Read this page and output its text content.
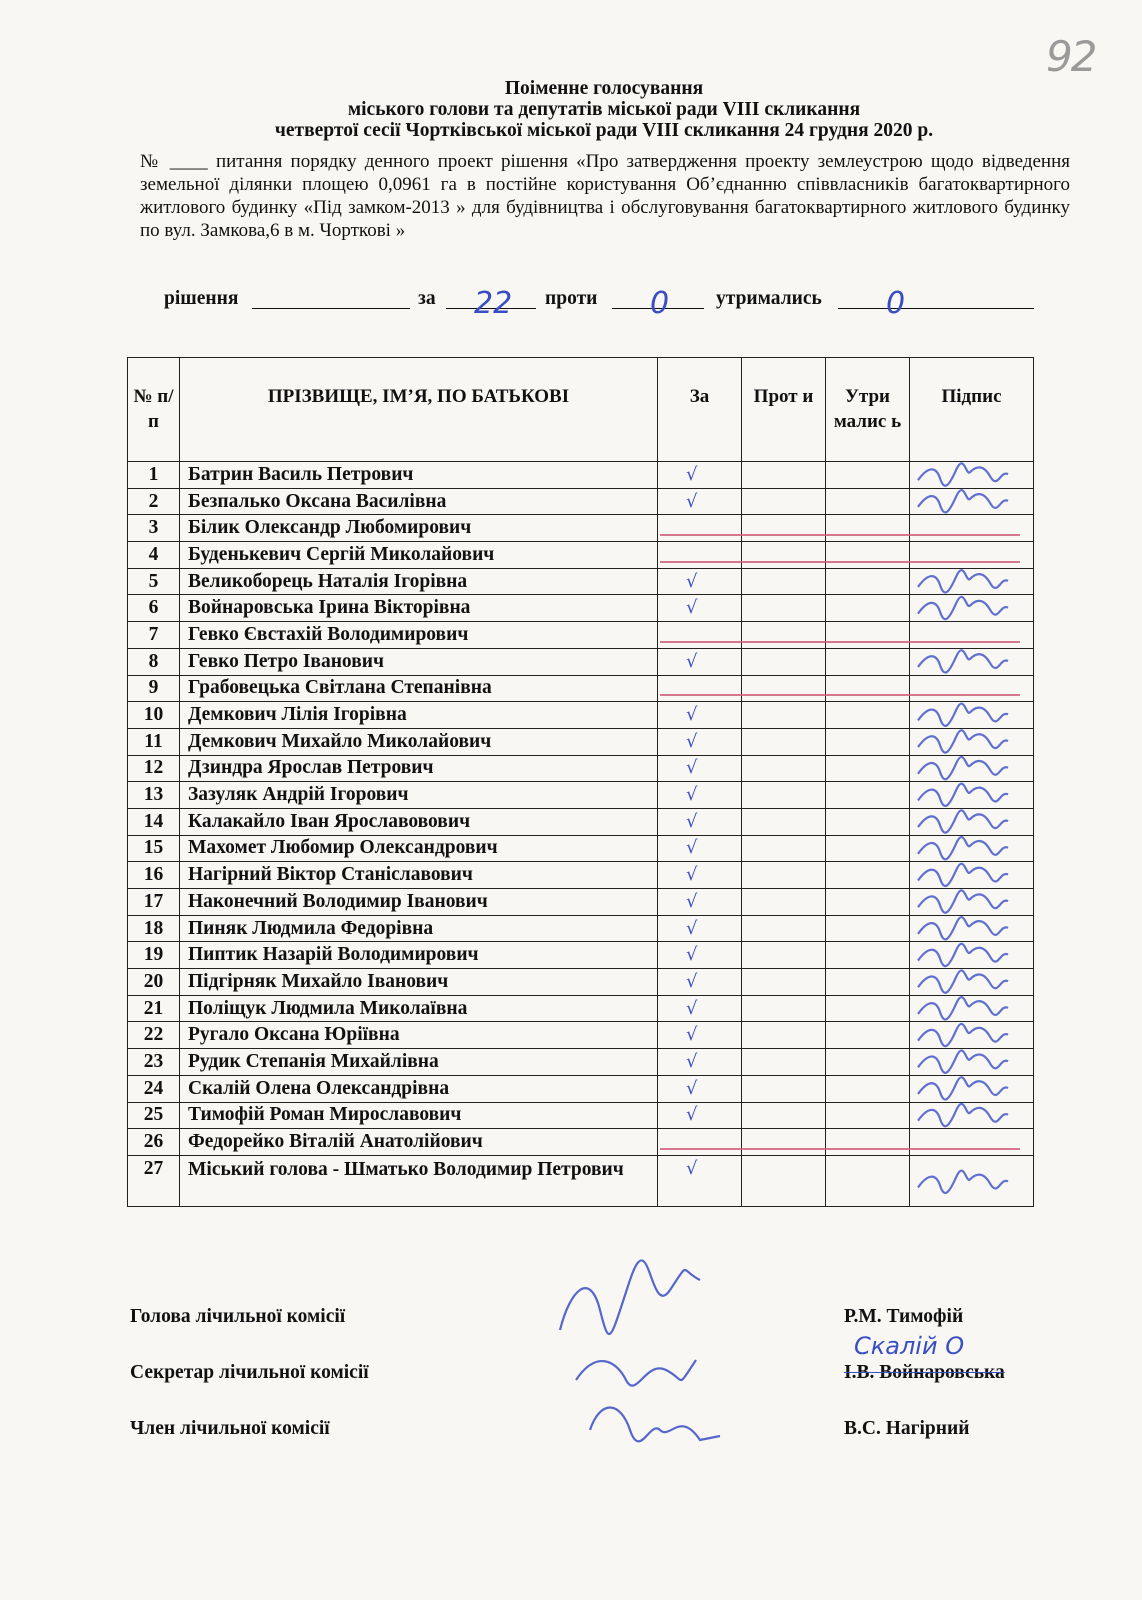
92

Поіменне голосування

міського голови та депутатів міської ради VIII скликання

четвертої сесії Чортківської міської ради VIII скликання 24 грудня 2020 р.

№ ____ питання порядку денного проект рішення «Про затвердження проекту землеустрою щодо відведення земельної ділянки площею 0,0961 га в постійне користування Об’єднанню співвласників багатоквартирного житлового будинку «Під замком-2013 » для будівництва і обслуговування багатоквартирного житлового будинку по вул. Замкова,6 в м. Чорткові »
рішення	за 22 проти 0 утримались 0
№ п/п	ПРІЗВИЩЕ, ІМ’Я, ПО БАТЬКОВІ	За	Прот и	Утри малис ь	Підпис
1	Батрин Василь Петрович	√			
2	Безпалько Оксана Василівна	√			
3	Білик Олександр Любомирович				
4	Буденькевич Сергій Миколайович				
5	Великоборець Наталія Ігорівна	√			
6	Войнаровська Ірина Вікторівна	√			
7	Гевко Євстахій Володимирович				
8	Гевко Петро Іванович	√			
9	Грабовецька Світлана Степанівна				
10	Демкович Лілія Ігорівна	√			
11	Демкович Михайло Миколайович	√			
12	Дзиндра Ярослав Петрович	√			
13	Зазуляк Андрій Ігорович	√			
14	Калакайло Іван Ярославовович	√			
15	Махомет Любомир Олександрович	√			
16	Нагірний Віктор Станіславович	√			
17	Наконечний Володимир Іванович	√			
18	Пиняк Людмила Федорівна	√			
19	Пиптик Назарій Володимирович	√			
20	Підгірняк Михайло Іванович	√			
21	Поліщук Людмила Миколаївна	√			
22	Ругало Оксана Юріївна	√			
23	Рудик Степанія Михайлівна	√			
24	Скалій Олена Олександрівна	√			
25	Тимофій Роман Мирославович	√			
26	Федорейко Віталій Анатолійович				
27	Міський голова - Шматько Володимир Петрович	√			
Голова лічильної комісії	Р.М. Тимофій
Секретар лічильної комісії	І.В. Войнаровська
Скалій О
Член лічильної комісії	В.С. Нагірний
